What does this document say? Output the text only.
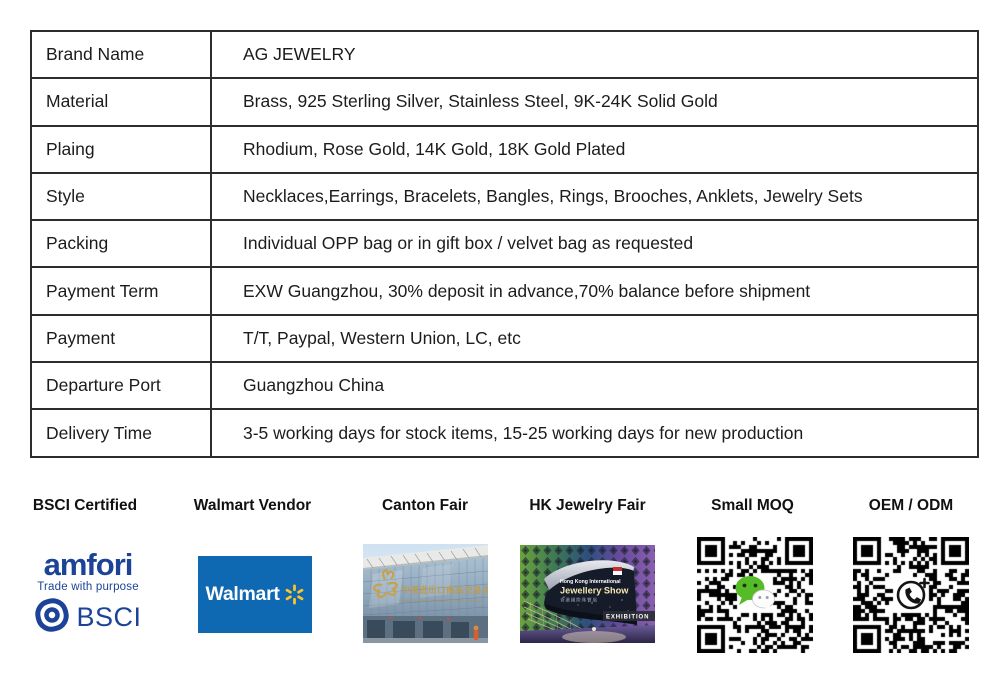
Brand Name	AG JEWELRY
Material	Brass, 925 Sterling Silver, Stainless Steel, 9K-24K Solid Gold
Plaing	Rhodium, Rose Gold, 14K Gold, 18K Gold Plated
Style	Necklaces,Earrings, Bracelets, Bangles, Rings, Brooches, Anklets, Jewelry Sets
Packing	Individual OPP bag or in gift box / velvet bag as requested
Payment Term	EXW Guangzhou, 30% deposit in advance,70% balance before shipment
Payment	T/T, Paypal, Western Union, LC, etc
Departure Port	Guangzhou China
Delivery Time	3-5 working days for stock items, 15-25 working days for new production
BSCI Certified	Walmart Vendor	Canton Fair	HK Jewelry Fair	Small MOQ	OEM / ODM
amfori
Trade with purpose
BSCI
Walmart	中国进出口商品交易会
CHINA IMPORT AND EXPORT FAIR COMPLEX
Hong Kong International
Jewellery Show
香港國際珠寶展
EXHIBITION
